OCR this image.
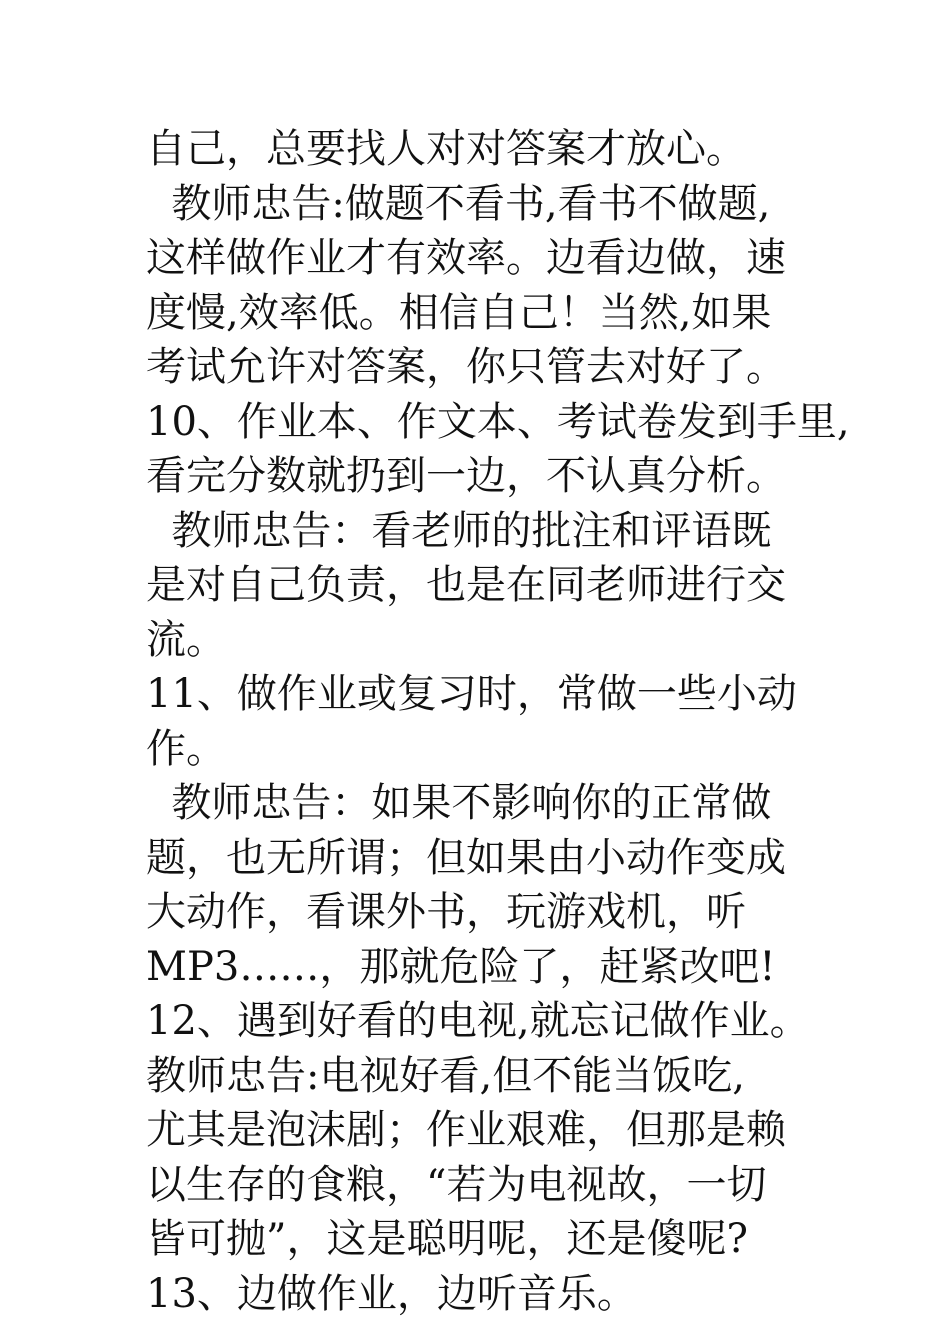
自己，总要找人对对答案才放心。
教师忠告:做题不看书,看书不做题,
这样做作业才有效率。边看边做，速
度慢,效率低。相信自己！当然,如果
考试允许对答案，你只管去对好了。
10、作业本、作文本、考试卷发到手里,
看完分数就扔到一边，不认真分析。
教师忠告：看老师的批注和评语既
是对自己负责，也是在同老师进行交
流。
11、做作业或复习时，常做一些小动
作。
教师忠告：如果不影响你的正常做
题，也无所谓；但如果由小动作变成
大动作，看课外书，玩游戏机，听
MP3……，那就危险了，赶紧改吧!
12、遇到好看的电视,就忘记做作业。
教师忠告:电视好看,但不能当饭吃,
尤其是泡沫剧；作业艰难，但那是赖
以生存的食粮，“若为电视故，一切
皆可抛”，这是聪明呢，还是傻呢?
13、边做作业，边听音乐。
